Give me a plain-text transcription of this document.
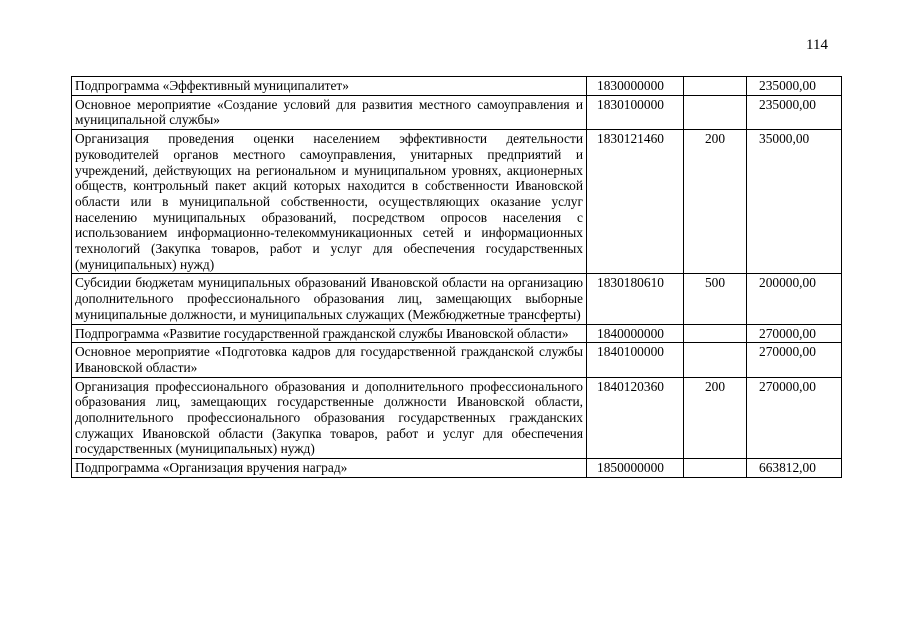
114
Подпрограмма «Эффективный муниципалитет»	1830000000		235000,00
Основное мероприятие «Создание условий для развития местного самоуправления и муниципальной службы»	1830100000		235000,00
Организация проведения оценки населением эффективности деятельности руководителей органов местного самоуправления, унитарных предприятий и учреждений, действующих на региональном и муниципальном уровнях, акционерных обществ, контрольный пакет акций которых находится в собственности Ивановской области или в муниципальной собственности, осуществляющих оказание услуг населению муниципальных образований, посредством опросов населения с использованием информационно-телекоммуникационных сетей и информационных технологий (Закупка товаров, работ и услуг для обеспечения государственных (муниципальных) нужд)	1830121460	200	35000,00
Субсидии бюджетам муниципальных образований Ивановской области на организацию дополнительного профессионального образования лиц, замещающих выборные муниципальные должности, и муниципальных служащих (Межбюджетные трансферты)	1830180610	500	200000,00
Подпрограмма «Развитие государственной гражданской службы Ивановской области»	1840000000		270000,00
Основное мероприятие «Подготовка кадров для государственной гражданской службы Ивановской области»	1840100000		270000,00
Организация профессионального образования и дополнительного профессионального образования лиц, замещающих государственные должности Ивановской области, дополнительного профессионального образования государственных гражданских служащих Ивановской области (Закупка товаров, работ и услуг для обеспечения государственных (муниципальных) нужд)	1840120360	200	270000,00
Подпрограмма «Организация вручения наград»	1850000000		663812,00
